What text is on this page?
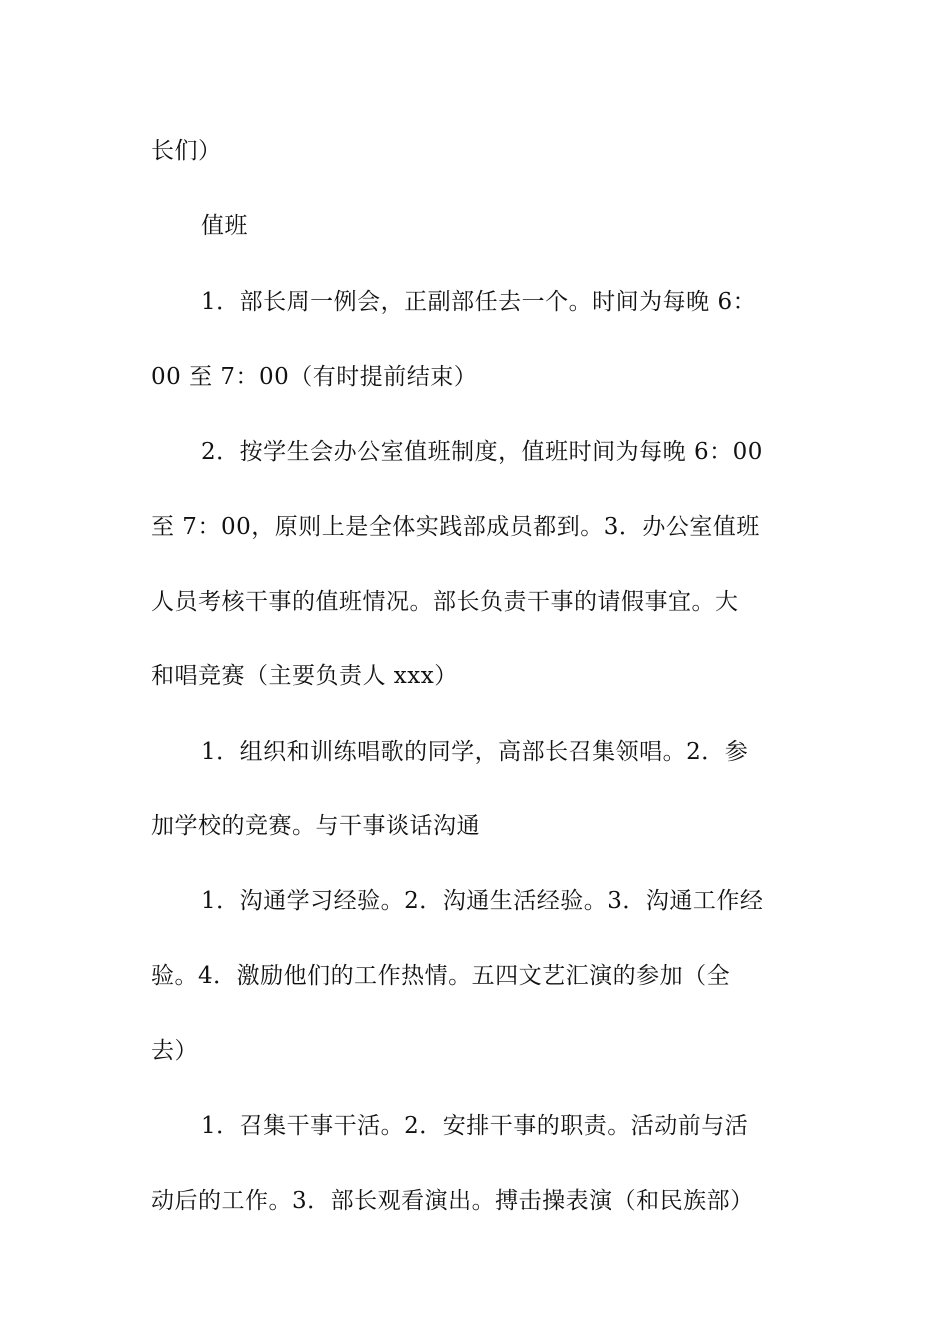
长们）

值班

1．部长周一例会，正副部任去一个。时间为每晚 6：

00 至 7：00（有时提前结束）

2．按学生会办公室值班制度，值班时间为每晚 6：00

至 7：00，原则上是全体实践部成员都到。3．办公室值班

人员考核干事的值班情况。部长负责干事的请假事宜。大

和唱竞赛（主要负责人 xxx）

1．组织和训练唱歌的同学，高部长召集领唱。2．参

加学校的竞赛。与干事谈话沟通

1．沟通学习经验。2．沟通生活经验。3．沟通工作经

验。4．激励他们的工作热情。五四文艺汇演的参加（全

去）

1．召集干事干活。2．安排干事的职责。活动前与活

动后的工作。3．部长观看演出。搏击操表演（和民族部）
